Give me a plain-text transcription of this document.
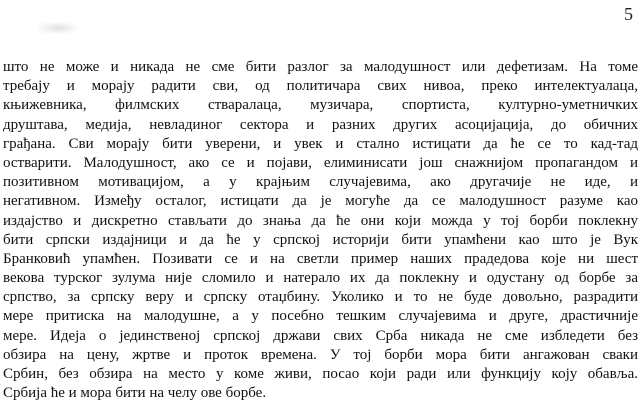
5
што не може и никада не сме бити разлог за малодушност или дефетизам. На томе
требају и морају радити сви, од политичара свих нивоа, преко интелектуалаца,
књижевника, филмских стваралаца, музичара, спортиста, културно-уметничких
друштава, медија, невладиног сектора и разних других асоцијација, до обичних
грађана. Сви морају бити уверени, и увек и стално истицати да ће се то кад-тад
остварити. Малодушност, ако се и појави, елиминисати још снажнијом пропагандом и
позитивном мотивацијом, а у крајњим случајевима, ако другачије не иде, и
негативном. Између осталог, истицати да је могуће да се малодушност разуме као
издајство и дискретно стављати до знања да ће они који можда у тој борби поклекну
бити српски издајници и да ће у српској историји бити упамћени као што је Вук
Бранковић упамћен. Позивати се и на светли пример наших прадедова које ни шест
векова турског зулума није сломило и натерало их да поклекну и одустану од борбе за
српство, за српску веру и српску отаџбину. Уколико и то не буде довољно, разрадити
мере притиска на малодушне, а у посебно тешким случајевима и друге, драстичније
мере. Идеја о јединственој српској држави свих Срба никада не сме избледети без
обзира на цену, жртве и проток времена. У тој борби мора бити ангажован сваки
Србин, без обзира на место у коме живи, посао који ради или функцију коју обавља.
Србија ће и мора бити на челу ове борбе.
